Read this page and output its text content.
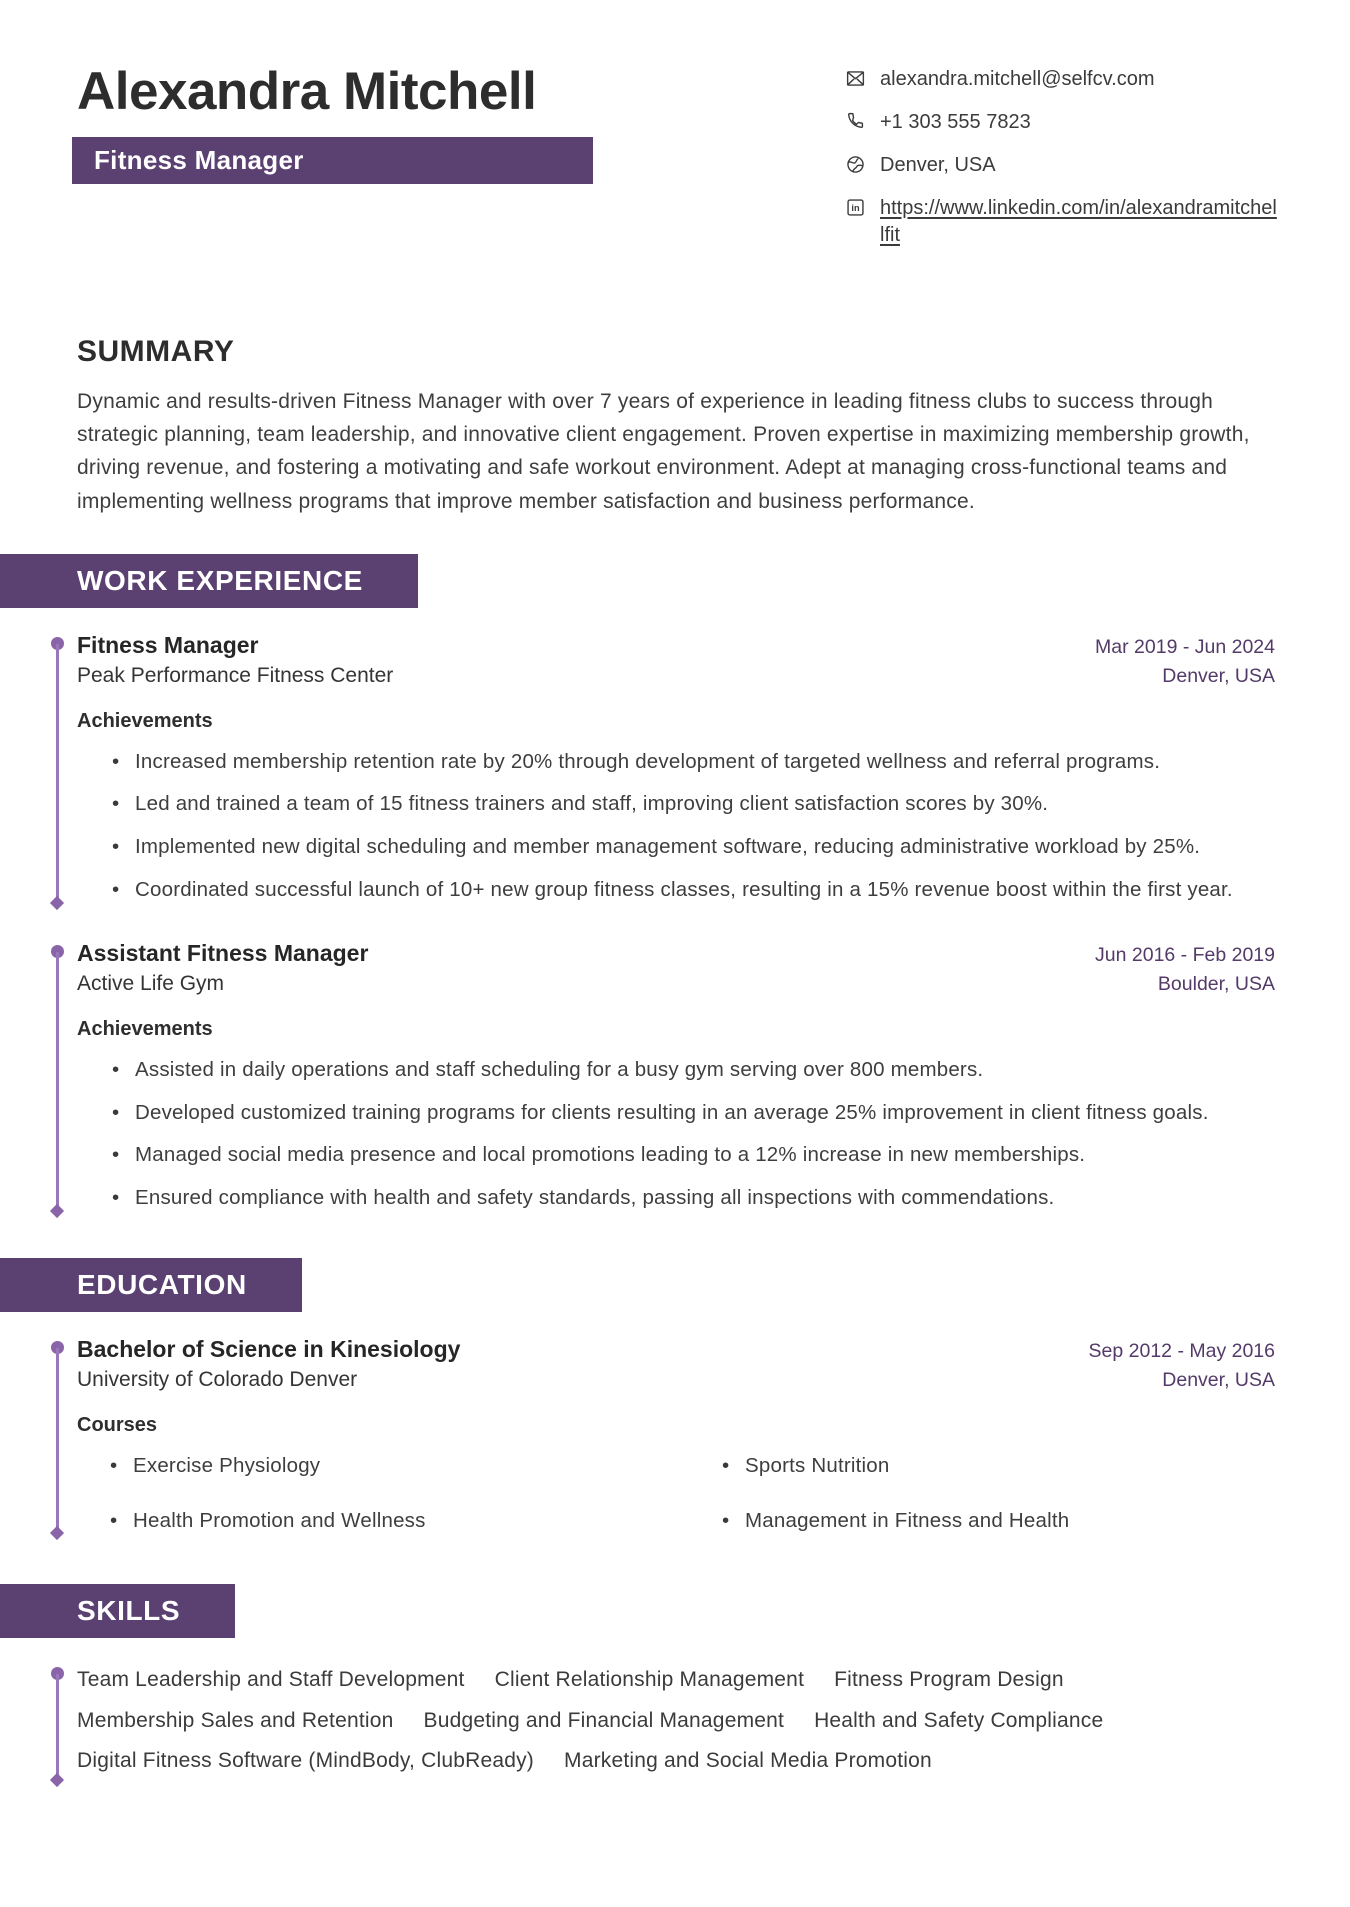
Alexandra Mitchell
Fitness Manager
alexandra.mitchell@selfcv.com
+1 303 555 7823
Denver, USA
in https://www.linkedin.com/in/alexandramitchellfit
SUMMARY

Dynamic and results-driven Fitness Manager with over 7 years of experience in leading fitness clubs to success through strategic planning, team leadership, and innovative client engagement. Proven expertise in maximizing membership growth, driving revenue, and fostering a motivating and safe workout environment. Adept at managing cross-functional teams and implementing wellness programs that improve member satisfaction and business performance.

WORK EXPERIENCE
Fitness Manager	Mar 2019 - Jun 2024
Peak Performance Fitness Center	Denver, USA
Achievements
• Increased membership retention rate by 20% through development of targeted wellness and referral programs.
• Led and trained a team of 15 fitness trainers and staff, improving client satisfaction scores by 30%.
• Implemented new digital scheduling and member management software, reducing administrative workload by 25%.
• Coordinated successful launch of 10+ new group fitness classes, resulting in a 15% revenue boost within the first year.
Assistant Fitness Manager	Jun 2016 - Feb 2019
Active Life Gym	Boulder, USA
Achievements
• Assisted in daily operations and staff scheduling for a busy gym serving over 800 members.
• Developed customized training programs for clients resulting in an average 25% improvement in client fitness goals.
• Managed social media presence and local promotions leading to a 12% increase in new memberships.
• Ensured compliance with health and safety standards, passing all inspections with commendations.
EDUCATION
Bachelor of Science in Kinesiology	Sep 2012 - May 2016
University of Colorado Denver	Denver, USA
Courses
• Exercise Physiology	• Sports Nutrition
• Health Promotion and Wellness	• Management in Fitness and Health
SKILLS
Team Leadership and Staff Development Client Relationship Management Fitness Program Design
Membership Sales and Retention Budgeting and Financial Management Health and Safety Compliance
Digital Fitness Software (MindBody, ClubReady) Marketing and Social Media Promotion
